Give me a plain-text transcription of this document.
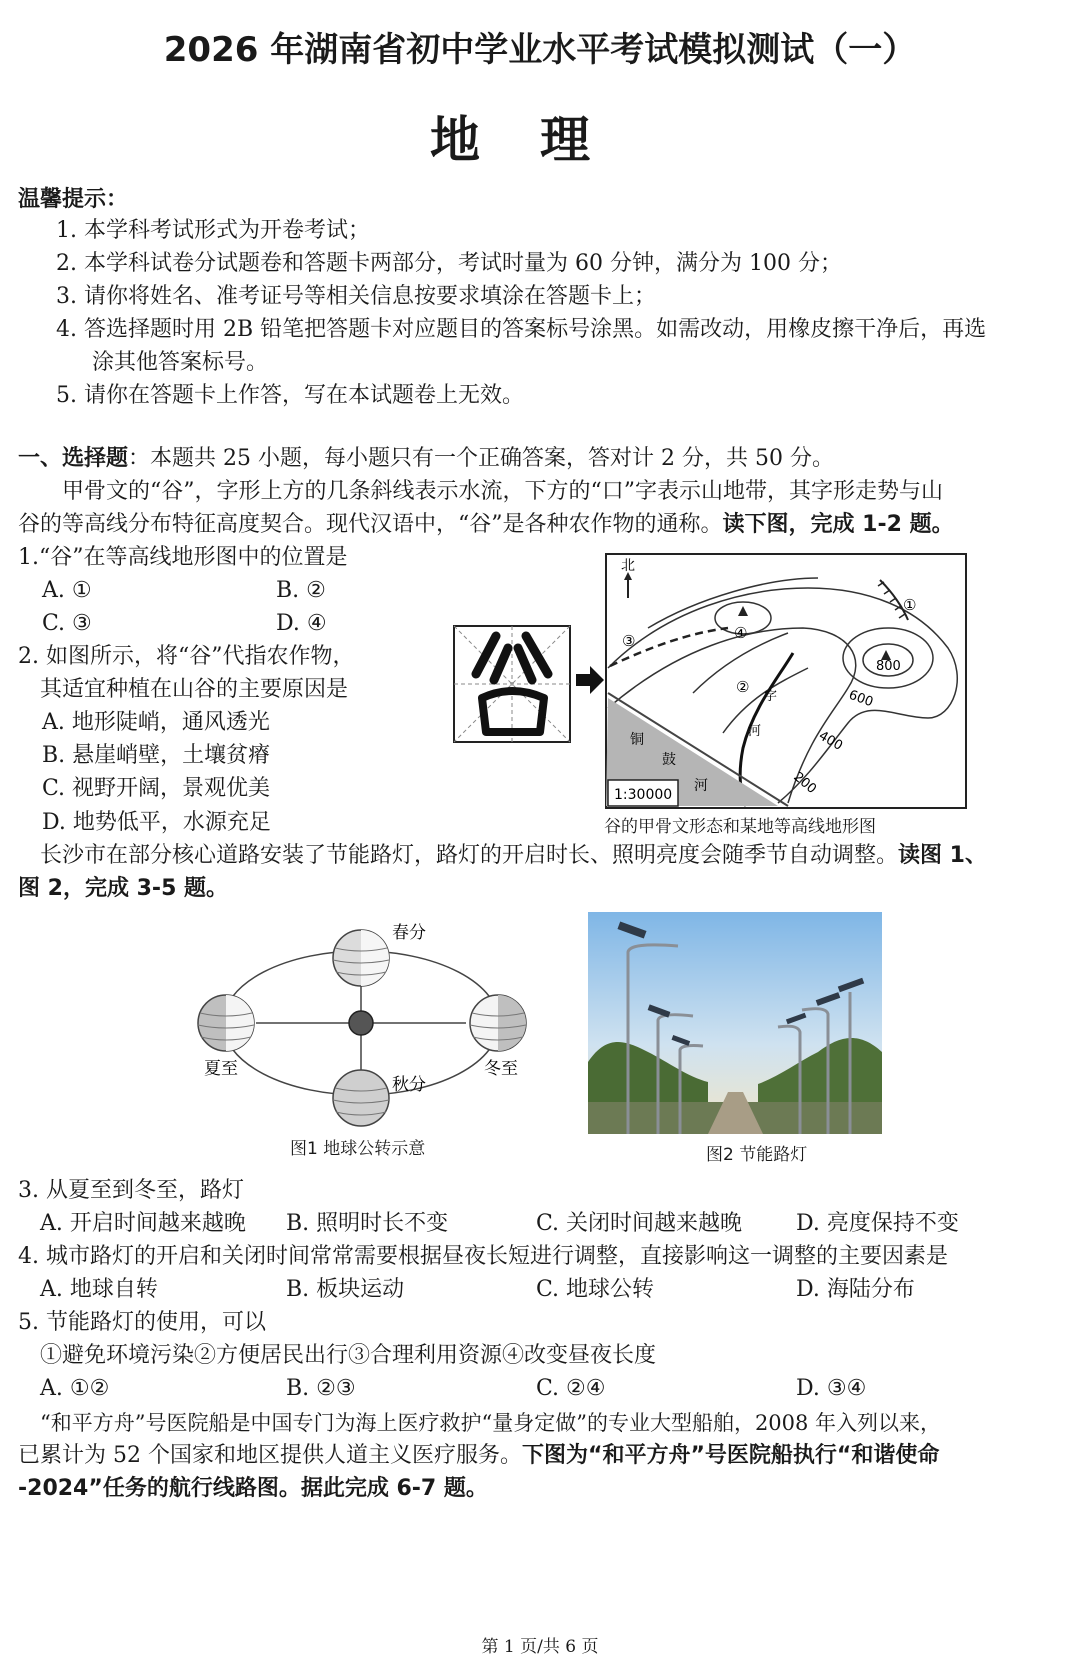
2026 年湖南省初中学业水平考试模拟测试（一）
地理
温馨提示：
1. 本学科考试形式为开卷考试；
2. 本学科试卷分试题卷和答题卡两部分，考试时量为 60 分钟，满分为 100 分；
3. 请你将姓名、准考证号等相关信息按要求填涂在答题卡上；
4. 答选择题时用 2B 铅笔把答题卡对应题目的答案标号涂黑。如需改动，用橡皮擦干净后，再选
涂其他答案标号。
5. 请你在答题卡上作答，写在本试题卷上无效。
一、选择题：本题共 25 小题，每小题只有一个正确答案，答对计 2 分，共 50 分。
甲骨文的“谷”，字形上方的几条斜线表示水流，下方的“口”字表示山地带，其字形走势与山
谷的等高线分布特征高度契合。现代汉语中，“谷”是各种农作物的通称。读下图，完成 1-2 题。
1.“谷”在等高线地形图中的位置是
A. ①	B. ②
C. ③	D. ④
2. 如图所示，将“谷”代指农作物，
其适宜种植在山谷的主要原因是
A. 地形陡峭，通风透光
B. 悬崖峭壁，土壤贫瘠
C. 视野开阔，景观优美
D. 地势低平，水源充足
北
①
②
③	④
800
600
400
200
字
河
铜
鼓
河
1:30000
谷的甲骨文形态和某地等高线地形图
长沙市在部分核心道路安装了节能路灯，路灯的开启时长、照明亮度会随季节自动调整。读图 1、
图 2，完成 3-5 题。
春分
夏至
秋分
冬至
图1 地球公转示意	图2 节能路灯
3. 从夏至到冬至，路灯
A. 开启时间越来越晚 B. 照明时长不变	C. 关闭时间越来越晚 D. 亮度保持不变
4. 城市路灯的开启和关闭时间常常需要根据昼夜长短进行调整，直接影响这一调整的主要因素是
A. 地球自转	B. 板块运动	C. 地球公转	D. 海陆分布
5. 节能路灯的使用，可以
①避免环境污染②方便居民出行③合理利用资源④改变昼夜长度
A. ①②	B. ②③	C. ②④	D. ③④
“和平方舟”号医院船是中国专门为海上医疗救护“量身定做”的专业大型船舶，2008 年入列以来，
已累计为 52 个国家和地区提供人道主义医疗服务。下图为“和平方舟”号医院船执行“和谐使命
-2024”任务的航行线路图。据此完成 6-7 题。
第 1 页/共 6 页
